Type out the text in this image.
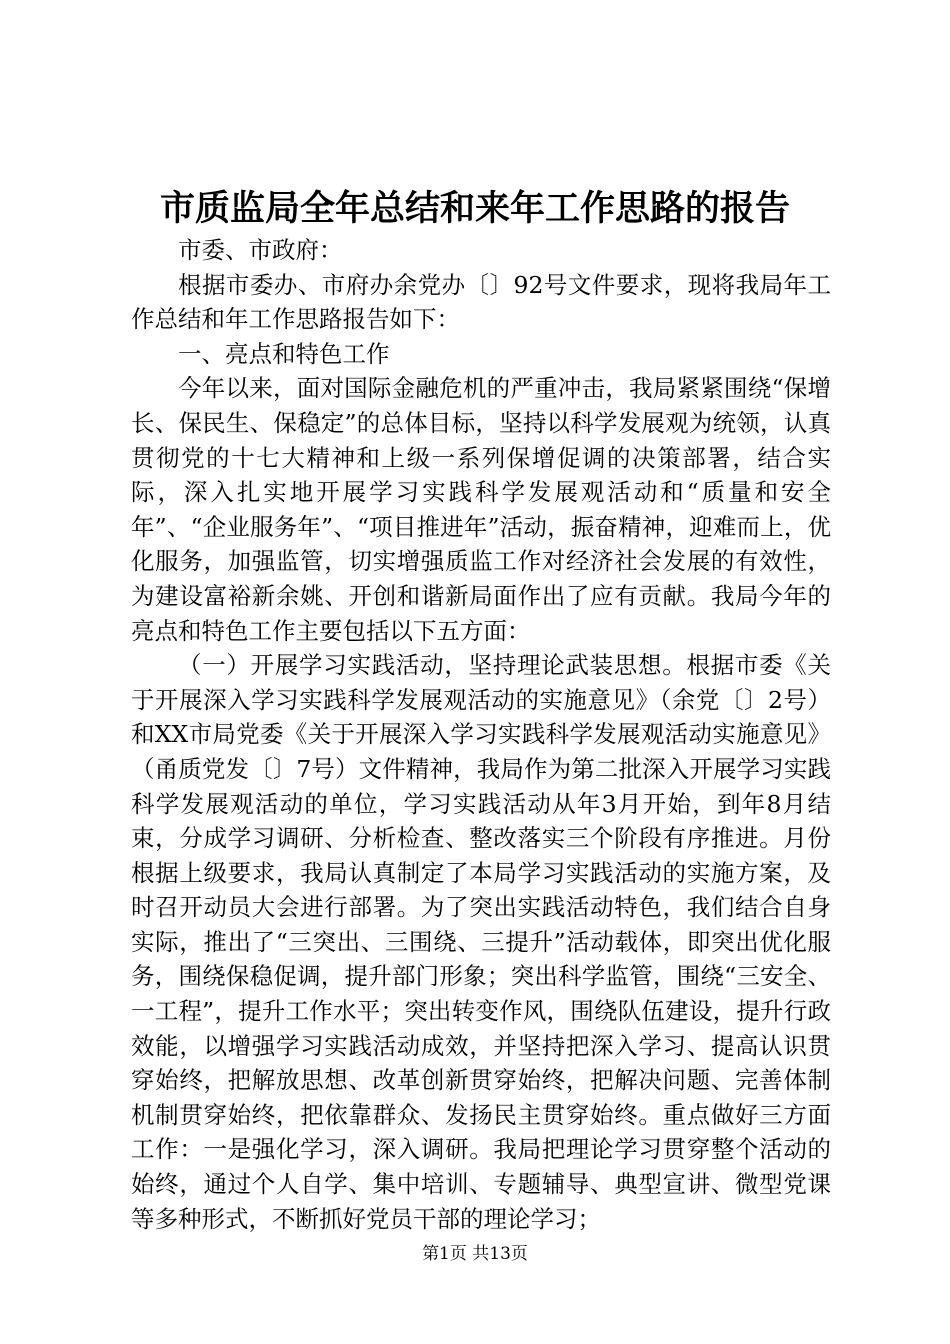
市质监局全年总结和来年工作思路的报告

市委、市政府：

根据市委办、市府办余党办〔〕92号文件要求，现将我局年工作总结和年工作思路报告如下：

一、亮点和特色工作

今年以来，面对国际金融危机的严重冲击，我局紧紧围绕“保增长、保民生、保稳定”的总体目标，坚持以科学发展观为统领，认真贯彻党的十七大精神和上级一系列保增促调的决策部署，结合实际，深入扎实地开展学习实践科学发展观活动和“质量和安全年”、“企业服务年”、“项目推进年”活动，振奋精神，迎难而上，优化服务，加强监管，切实增强质监工作对经济社会发展的有效性，为建设富裕新余姚、开创和谐新局面作出了应有贡献。我局今年的亮点和特色工作主要包括以下五方面：

（一）开展学习实践活动，坚持理论武装思想。根据市委《关于开展深入学习实践科学发展观活动的实施意见》（余党〔〕2号）和XX市局党委《关于开展深入学习实践科学发展观活动实施意见》（甬质党发〔〕7号）文件精神，我局作为第二批深入开展学习实践科学发展观活动的单位，学习实践活动从年3月开始，到年8月结束，分成学习调研、分析检查、整改落实三个阶段有序推进。月份根据上级要求，我局认真制定了本局学习实践活动的实施方案，及时召开动员大会进行部署。为了突出实践活动特色，我们结合自身实际，推出了“三突出、三围绕、三提升”活动载体，即突出优化服务，围绕保稳促调，提升部门形象；突出科学监管，围绕“三安全、一工程”，提升工作水平；突出转变作风，围绕队伍建设，提升行政效能，以增强学习实践活动成效，并坚持把深入学习、提高认识贯穿始终，把解放思想、改革创新贯穿始终，把解决问题、完善体制机制贯穿始终，把依靠群众、发扬民主贯穿始终。重点做好三方面工作：一是强化学习，深入调研。我局把理论学习贯穿整个活动的始终，通过个人自学、集中培训、专题辅导、典型宣讲、微型党课等多种形式，不断抓好党员干部的理论学习；

第1页 共13页
